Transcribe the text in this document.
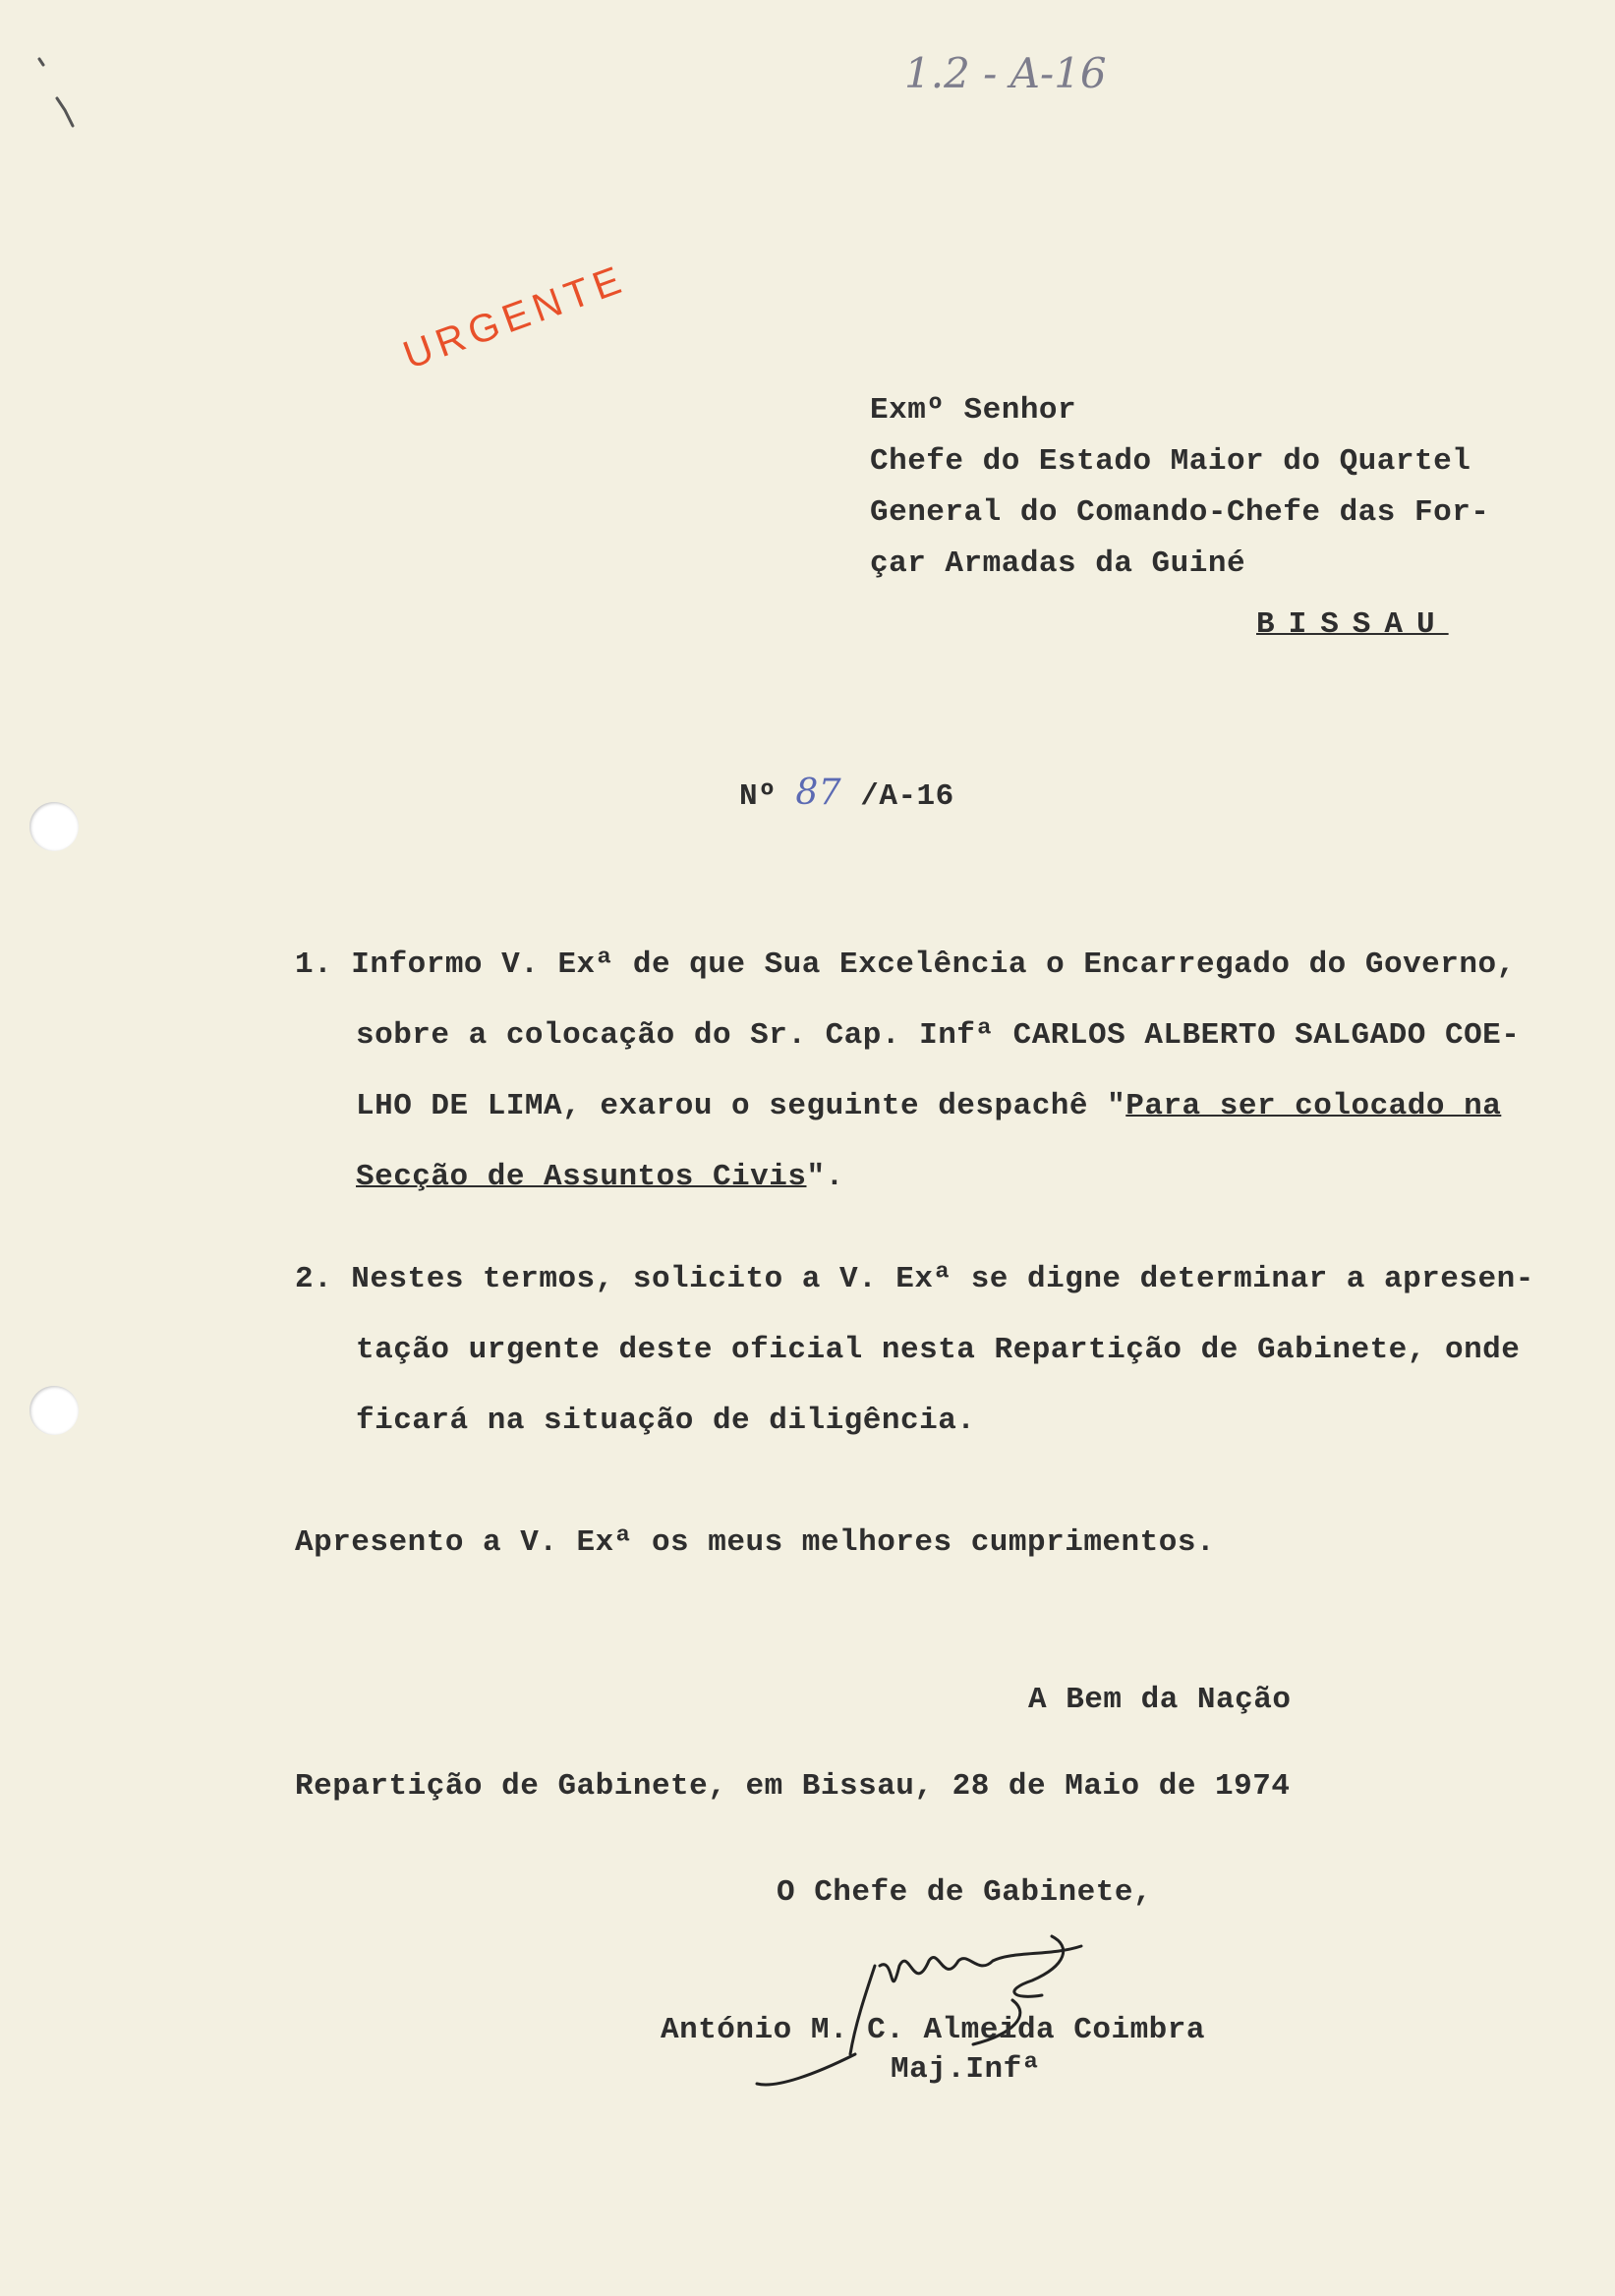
1.2 - A-16
URGENTE
Exmº Senhor
Chefe do Estado Maior do Quartel
General do Comando-Chefe das For-
çar Armadas da Guiné
BISSAU
Nº 87 /A-16
1. Informo V. Exª de que Sua Excelência o Encarregado do Governo,
sobre a colocação do Sr. Cap. Infª CARLOS ALBERTO SALGADO COE-
LHO DE LIMA, exarou o seguinte despachê "Para ser colocado na
Secção de Assuntos Civis".
2. Nestes termos, solicito a V. Exª se digne determinar a apresen-
tação urgente deste oficial nesta Repartição de Gabinete, onde
ficará na situação de diligência.
Apresento a V. Exª os meus melhores cumprimentos.
A Bem da Nação
Repartição de Gabinete, em Bissau, 28 de Maio de 1974
O Chefe de Gabinete,
António M. C. Almeida Coimbra
Maj.Infª
